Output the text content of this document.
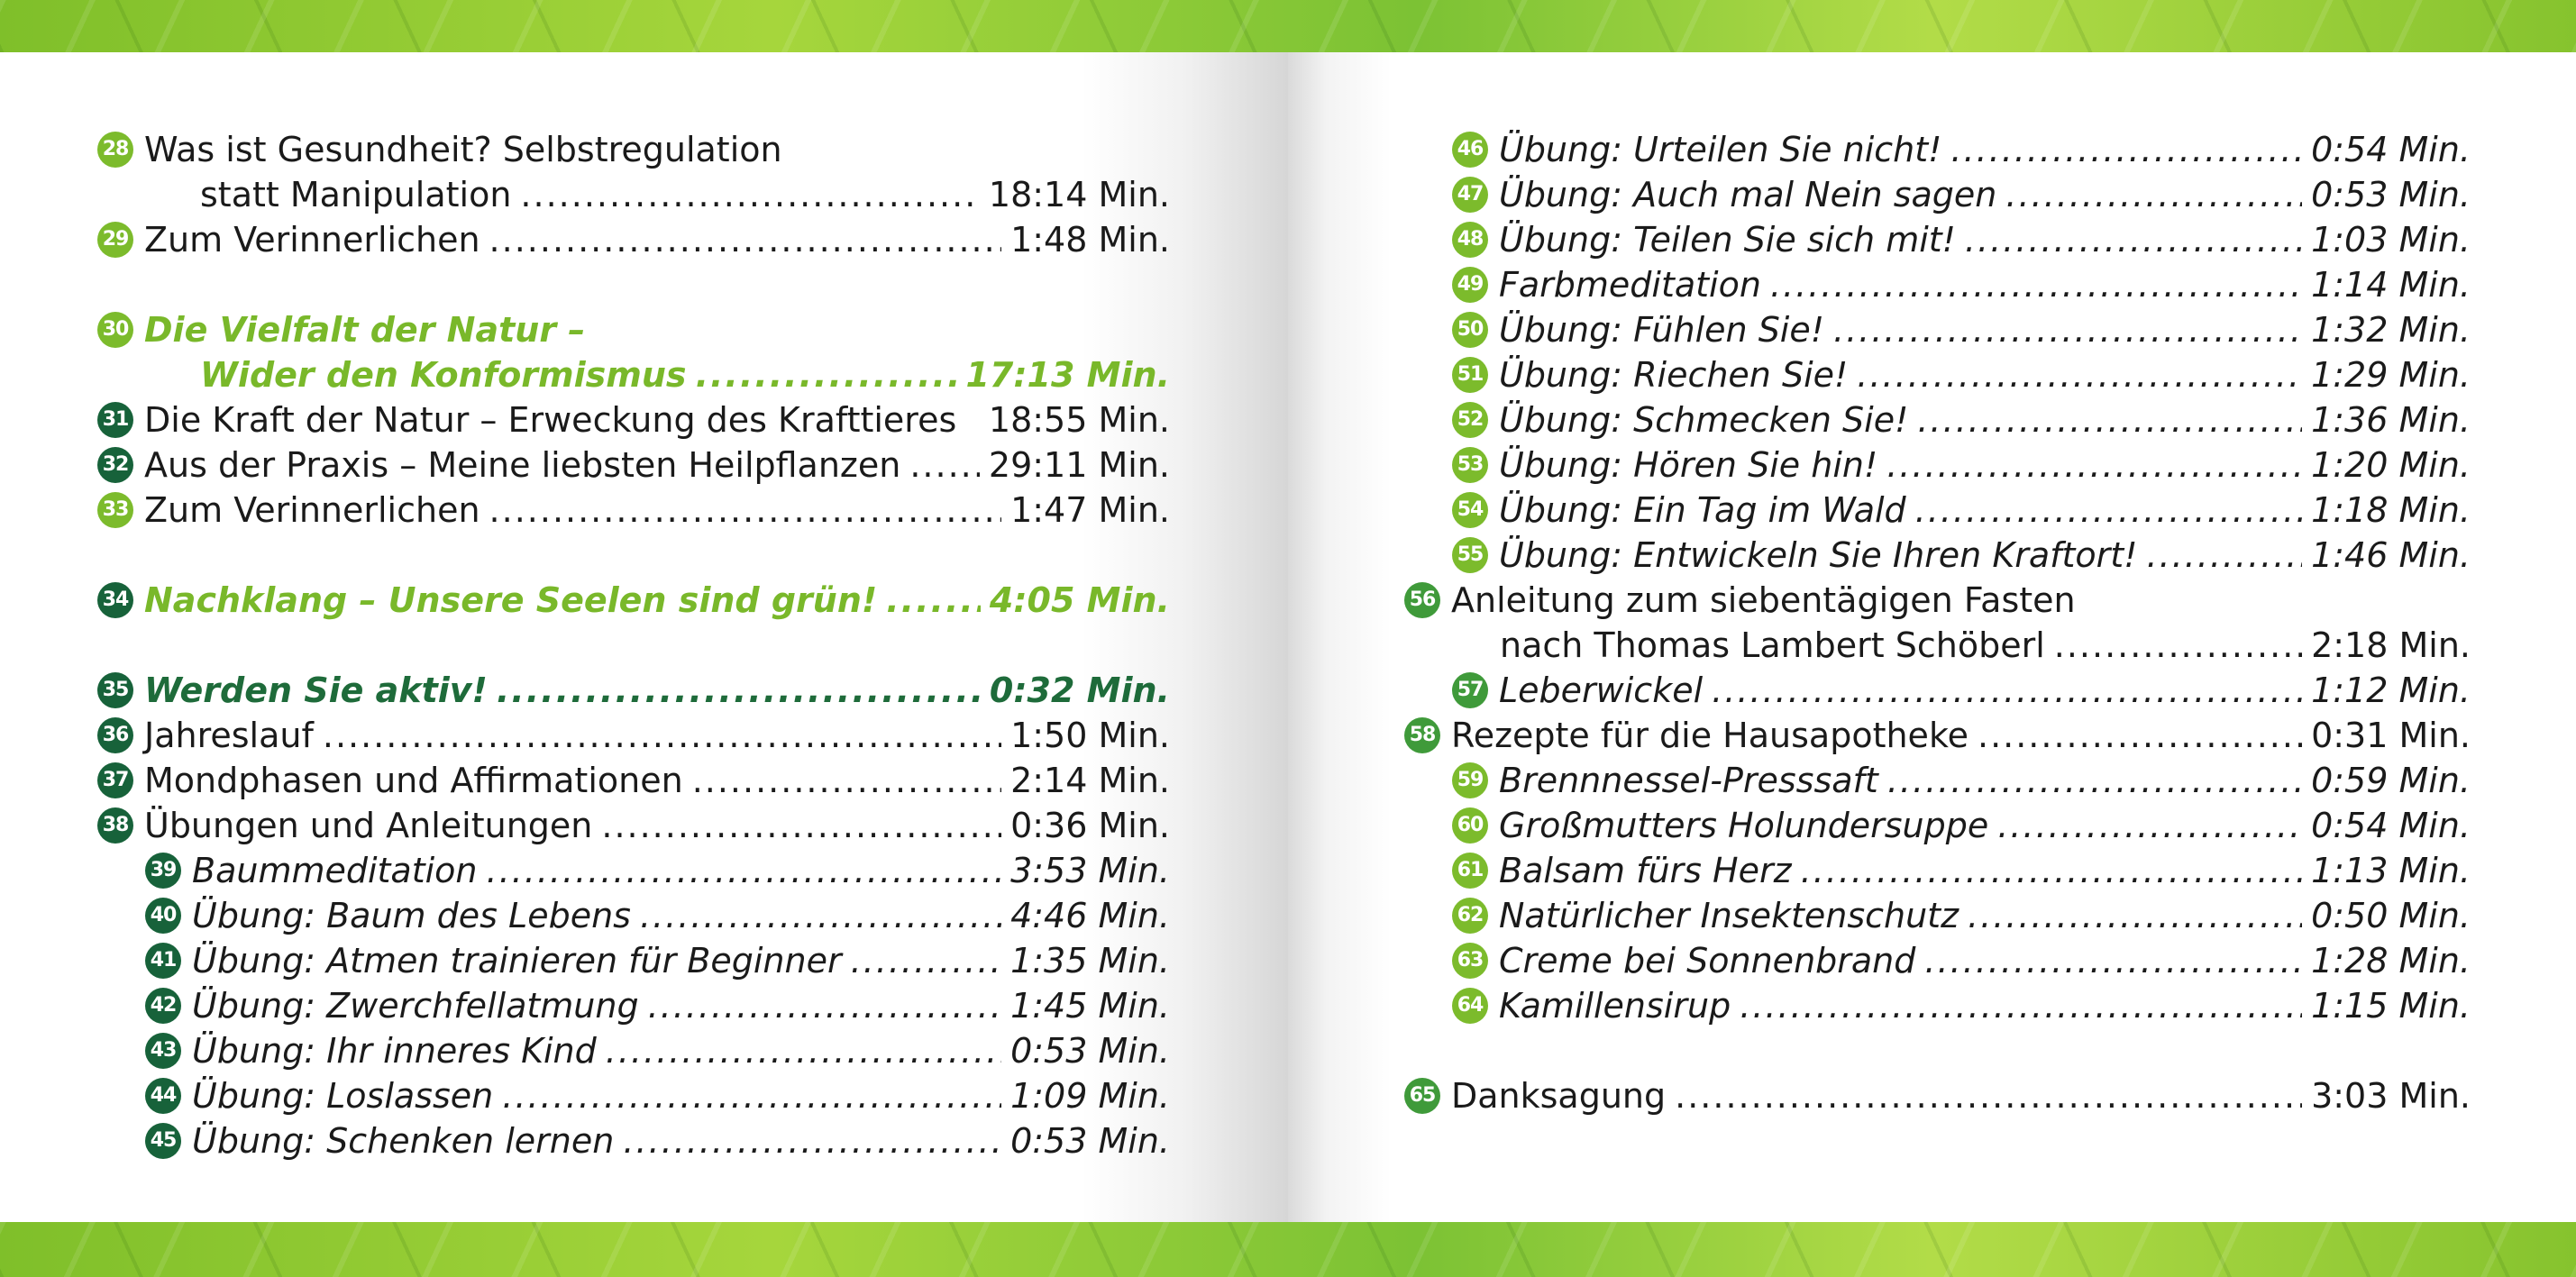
28 Was ist Gesundheit? Selbstregulation
statt Manipulation .....	18:14 Min.
29 Zum Verinnerlichen .....	1:48 Min.
30 Die Vielfalt der Natur –
Wider den Konformismus .....	17:13 Min.
31 Die Kraft der Natur – Erweckung des Krafttieres 18:55 Min.
32 Aus der Praxis – Meine liebsten Heilpflanzen .....	29:11 Min.
33 Zum Verinnerlichen .....	1:47 Min.
34 Nachklang – Unsere Seelen sind grün! .....	4:05 Min.
35 Werden Sie aktiv! .....	0:32 Min.
36 Jahreslauf .....	1:50 Min.
37 Mondphasen und Affirmationen .....	2:14 Min.
38 Übungen und Anleitungen .....	0:36 Min.
39 Baummeditation .....	3:53 Min.
40 Übung: Baum des Lebens .....	4:46 Min.
41 Übung: Atmen trainieren für Beginner .....	1:35 Min.
42 Übung: Zwerchfellatmung .....	1:45 Min.
43 Übung: Ihr inneres Kind .....	0:53 Min.
44 Übung: Loslassen .....	1:09 Min.
45 Übung: Schenken lernen .....	0:53 Min.
46 Übung: Urteilen Sie nicht! .....	0:54 Min.
47 Übung: Auch mal Nein sagen .....	0:53 Min.
48 Übung: Teilen Sie sich mit! .....	1:03 Min.
49 Farbmeditation .....	1:14 Min.
50 Übung: Fühlen Sie! .....	1:32 Min.
51 Übung: Riechen Sie! .....	1:29 Min.
52 Übung: Schmecken Sie! .....	1:36 Min.
53 Übung: Hören Sie hin! .....	1:20 Min.
54 Übung: Ein Tag im Wald .....	1:18 Min.
55 Übung: Entwickeln Sie Ihren Kraftort! .....	1:46 Min.
56 Anleitung zum siebentägigen Fasten
nach Thomas Lambert Schöberl .....	2:18 Min.
57 Leberwickel .....	1:12 Min.
58 Rezepte für die Hausapotheke .....	0:31 Min.
59 Brennnessel-Presssaft .....	0:59 Min.
60 Großmutters Holundersuppe .....	0:54 Min.
61 Balsam fürs Herz .....	1:13 Min.
62 Natürlicher Insektenschutz .....	0:50 Min.
63 Creme bei Sonnenbrand .....	1:28 Min.
64 Kamillensirup .....	1:15 Min.
65 Danksagung .....	3:03 Min.
